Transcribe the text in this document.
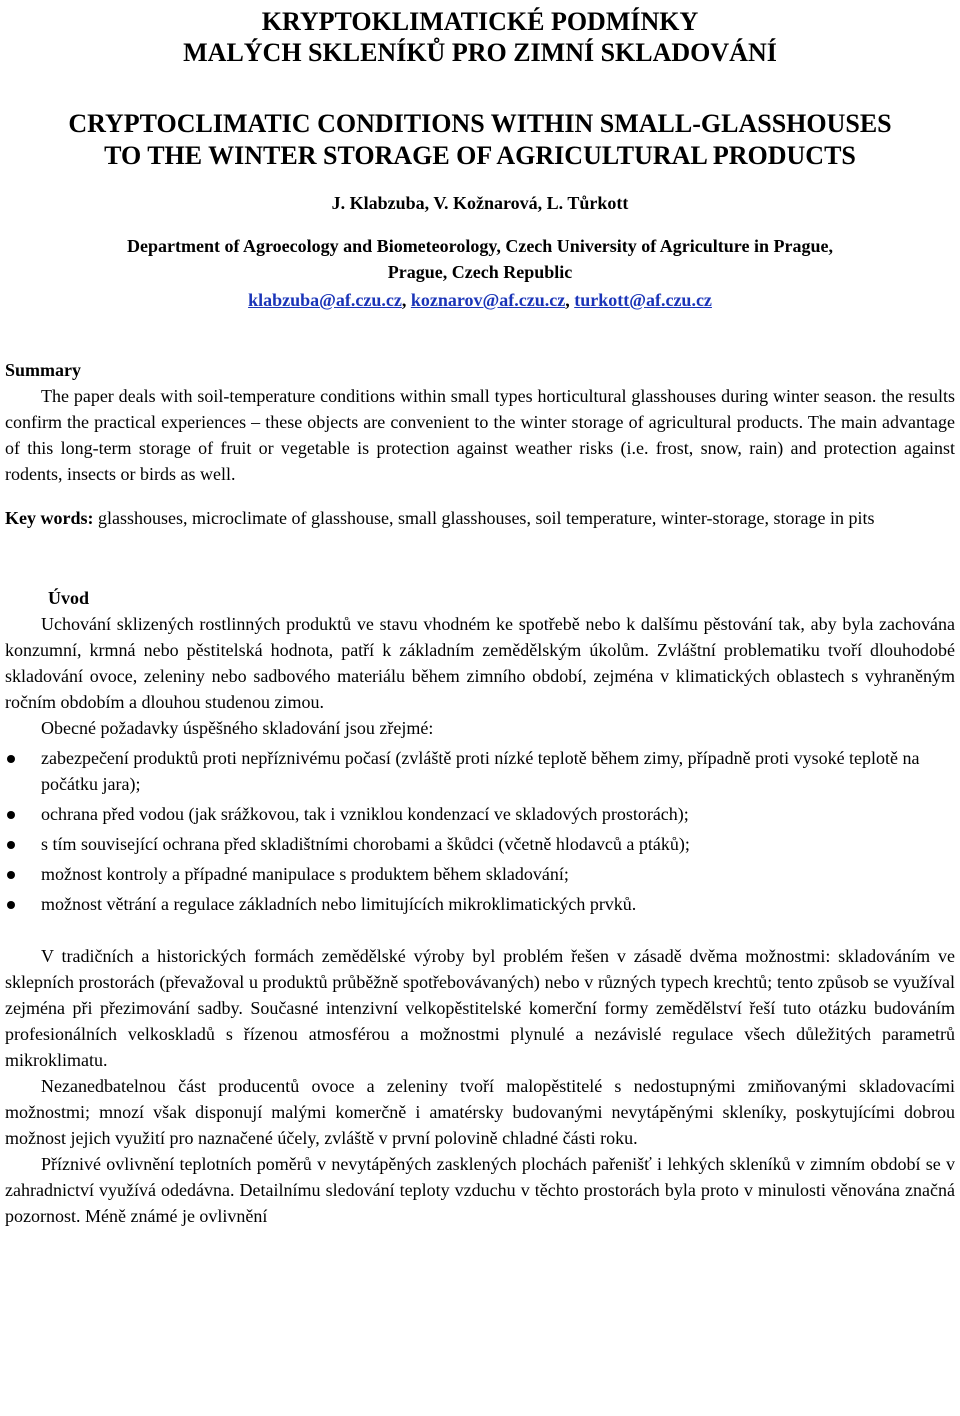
KRYPTOKLIMATICKÉ PODMÍNKY
MALÝCH SKLENÍKŮ PRO ZIMNÍ SKLADOVÁNÍ
CRYPTOCLIMATIC CONDITIONS WITHIN SMALL-GLASSHOUSES
TO THE WINTER STORAGE OF AGRICULTURAL PRODUCTS
J. Klabzuba, V. Kožnarová, L. Tůrkott
Department of Agroecology and Biometeorology, Czech University of Agriculture in Prague,
Prague, Czech Republic
klabzuba@af.czu.cz, koznarov@af.czu.cz, turkott@af.czu.cz
Summary

The paper deals with soil-temperature conditions within small types horticultural glasshouses during winter season. the results confirm the practical experiences – these objects are convenient to the winter storage of agricultural products. The main advantage of this long-term storage of fruit or vegetable is protection against weather risks (i.e. frost, snow, rain) and protection against rodents, insects or birds as well.

Key words: glasshouses, microclimate of glasshouse, small glasshouses, soil temperature, winter-storage, storage in pits

Úvod

Uchování sklizených rostlinných produktů ve stavu vhodném ke spotřebě nebo k dalšímu pěstování tak, aby byla zachována konzumní, krmná nebo pěstitelská hodnota, patří k základním zemědělským úkolům. Zvláštní problematiku tvoří dlouhodobé skladování ovoce, zeleniny nebo sadbového materiálu během zimního období, zejména v klimatických oblastech s vyhraněným ročním obdobím a dlouhou studenou zimou.

Obecné požadavky úspěšného skladování jsou zřejmé:

zabezpečení produktů proti nepříznivému počasí (zvláště proti nízké teplotě během zimy, případně proti vysoké teplotě na počátku jara);
ochrana před vodou (jak srážkovou, tak i vzniklou kondenzací ve skladových prostorách);
s tím související ochrana před skladištními chorobami a škůdci (včetně hlodavců a ptáků);
možnost kontroly a případné manipulace s produktem během skladování;
možnost větrání a regulace základních nebo limitujících mikroklimatických prvků.

V tradičních a historických formách zemědělské výroby byl problém řešen v zásadě dvěma možnostmi: skladováním ve sklepních prostorách (převažoval u produktů průběžně spotřebovávaných) nebo v různých typech krechtů; tento způsob se využíval zejména při přezimování sadby. Současné intenzivní velkopěstitelské komerční formy zemědělství řeší tuto otázku budováním profesionálních velkoskladů s řízenou atmosférou a možnostmi plynulé a nezávislé regulace všech důležitých parametrů mikroklimatu.

Nezanedbatelnou část producentů ovoce a zeleniny tvoří malopěstitelé s nedostupnými zmiňovanými skladovacími možnostmi; mnozí však disponují malými komerčně i amatérsky budovanými nevytápěnými skleníky, poskytujícími dobrou možnost jejich využití pro naznačené účely, zvláště v první polovině chladné části roku.

Příznivé ovlivnění teplotních poměrů v nevytápěných zasklených plochách pařenišť i lehkých skleníků v zimním období se v zahradnictví využívá odedávna. Detailnímu sledování teploty vzduchu v těchto prostorách byla proto v minulosti věnována značná pozornost. Méně známé je ovlivnění
